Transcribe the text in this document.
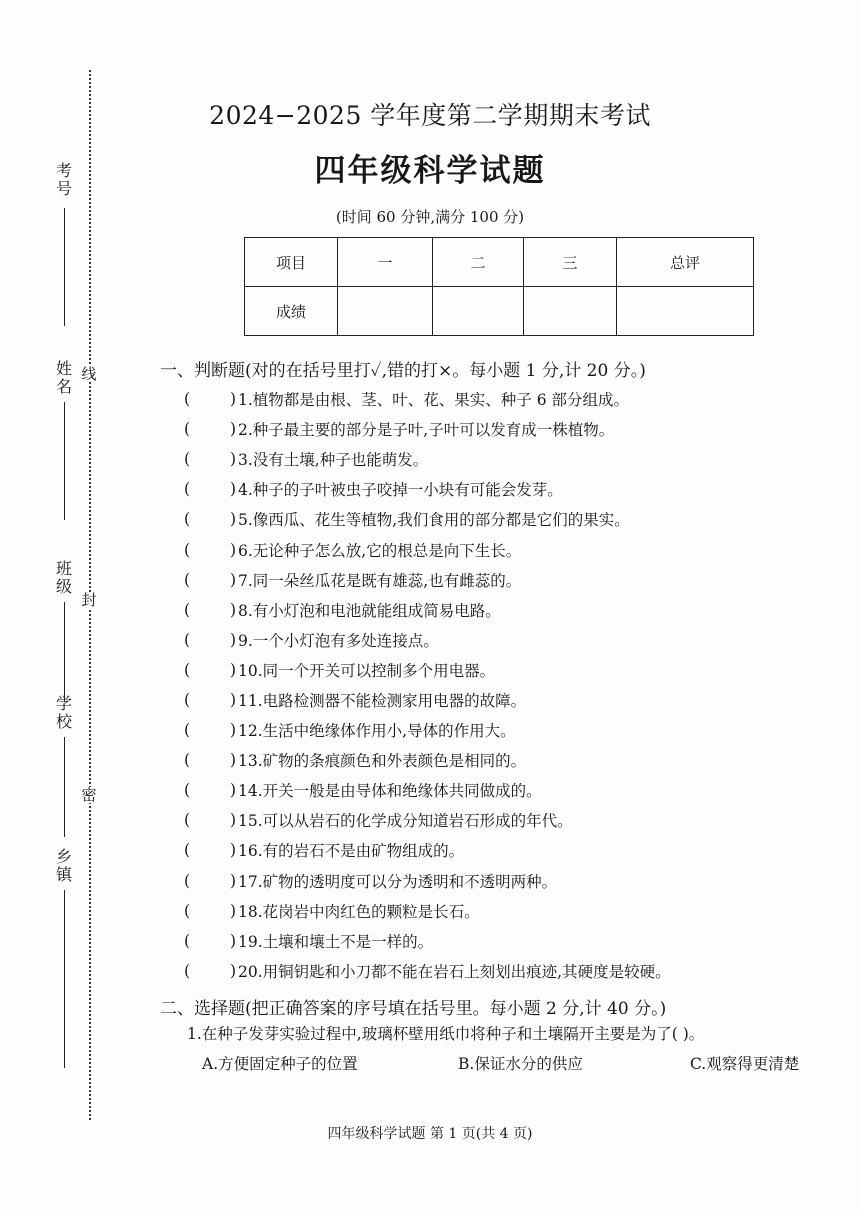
线
封
密
考号
姓名
班级
学校
乡镇
2024−2025 学年度第二学期期末考试
四年级科学试题
(时间 60 分钟,满分 100 分)
项目	一	二	三	总评
成绩				
一、判断题(对的在括号里打✓,错的打×。每小题 1 分,计 20 分。)
(	) 1.植物都是由根、茎、叶、花、果实、种子 6 部分组成。
(	) 2.种子最主要的部分是子叶,子叶可以发育成一株植物。
(	) 3.没有土壤,种子也能萌发。
(	) 4.种子的子叶被虫子咬掉一小块有可能会发芽。
(	) 5.像西瓜、花生等植物,我们食用的部分都是它们的果实。
(	) 6.无论种子怎么放,它的根总是向下生长。
(	) 7.同一朵丝瓜花是既有雄蕊,也有雌蕊的。
(	) 8.有小灯泡和电池就能组成简易电路。
(	) 9.一个小灯泡有多处连接点。
(	) 10.同一个开关可以控制多个用电器。
(	) 11.电路检测器不能检测家用电器的故障。
(	) 12.生活中绝缘体作用小,导体的作用大。
(	) 13.矿物的条痕颜色和外表颜色是相同的。
(	) 14.开关一般是由导体和绝缘体共同做成的。
(	) 15.可以从岩石的化学成分知道岩石形成的年代。
(	) 16.有的岩石不是由矿物组成的。
(	) 17.矿物的透明度可以分为透明和不透明两种。
(	) 18.花岗岩中肉红色的颗粒是长石。
(	) 19.土壤和壤土不是一样的。
(	) 20.用铜钥匙和小刀都不能在岩石上刻划出痕迹,其硬度是较硬。
二、选择题(把正确答案的序号填在括号里。每小题 2 分,计 40 分。)
1.在种子发芽实验过程中,玻璃杯壁用纸巾将种子和土壤隔开主要是为了( )。
A.方便固定种子的位置	B.保证水分的供应	C.观察得更清楚
四年级科学试题 第 1 页(共 4 页)
